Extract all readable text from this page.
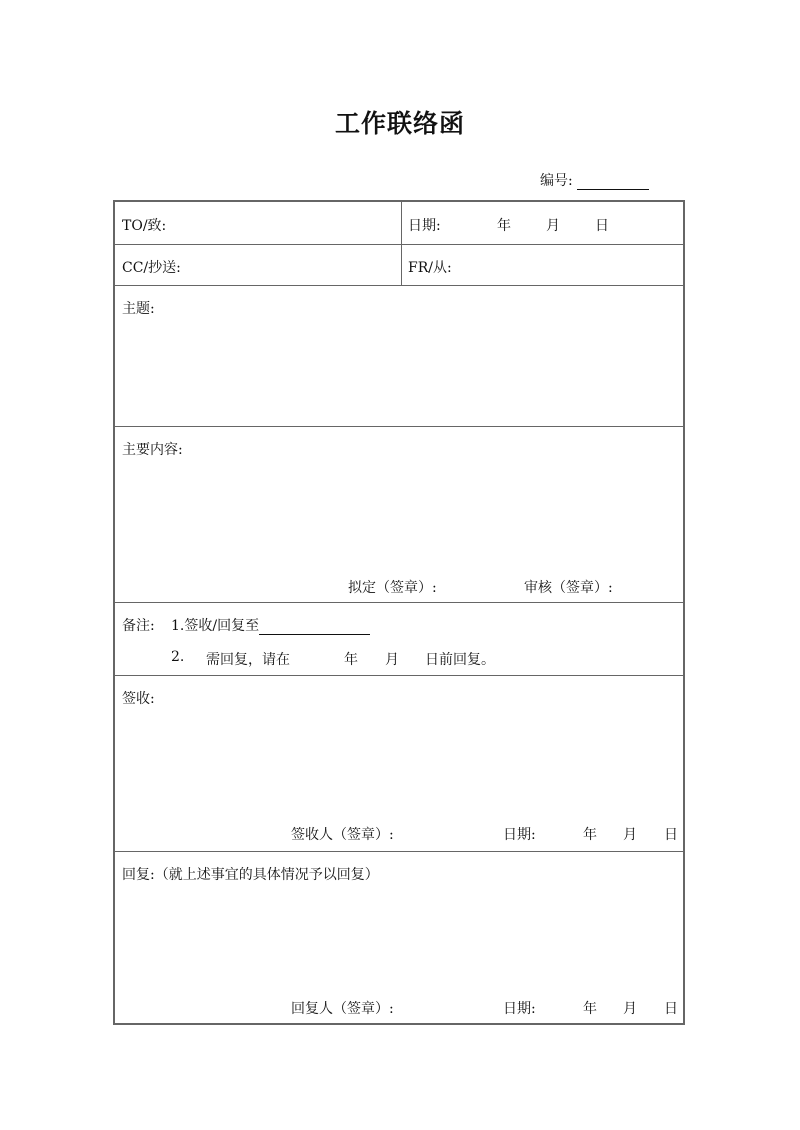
工作联络函
编号:
TO/致:	日期:	年	月	日
CC/抄送:	FR/从:
主题:
主要内容:
拟定（签章）:	审核（签章）:
备注: 1.签收/回复至
2. 需回复，请在	年 月 日前回复。
签收:
签收人（签章）:	日期:	年 月 日
回复:（就上述事宜的具体情况予以回复）
回复人（签章）:	日期:	年 月 日
